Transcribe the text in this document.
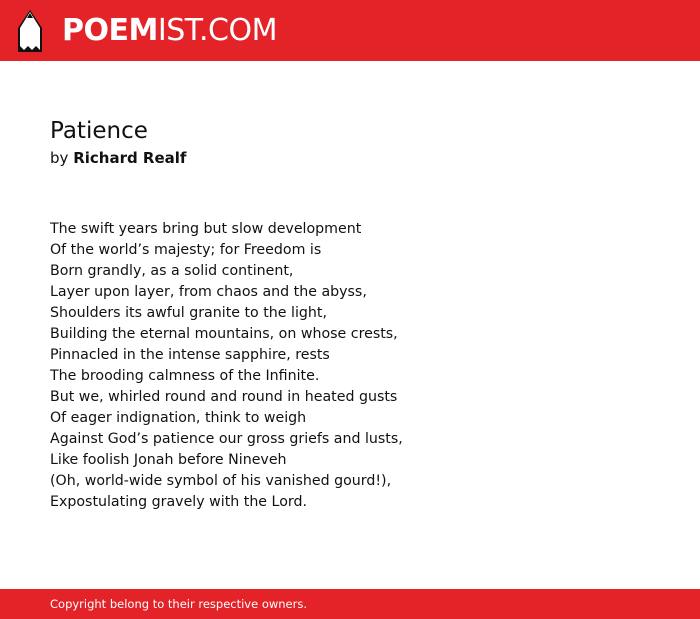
POEMIST.COM
Patience
by Richard Realf
The swift years bring but slow development
Of the world’s majesty; for Freedom is
Born grandly, as a solid continent,
Layer upon layer, from chaos and the abyss,
Shoulders its awful granite to the light,
Building the eternal mountains, on whose crests,
Pinnacled in the intense sapphire, rests
The brooding calmness of the Infinite.
But we, whirled round and round in heated gusts
Of eager indignation, think to weigh
Against God’s patience our gross griefs and lusts,
Like foolish Jonah before Nineveh
(Oh, world-wide symbol of his vanished gourd!),
Expostulating gravely with the Lord.
Copyright belong to their respective owners.
